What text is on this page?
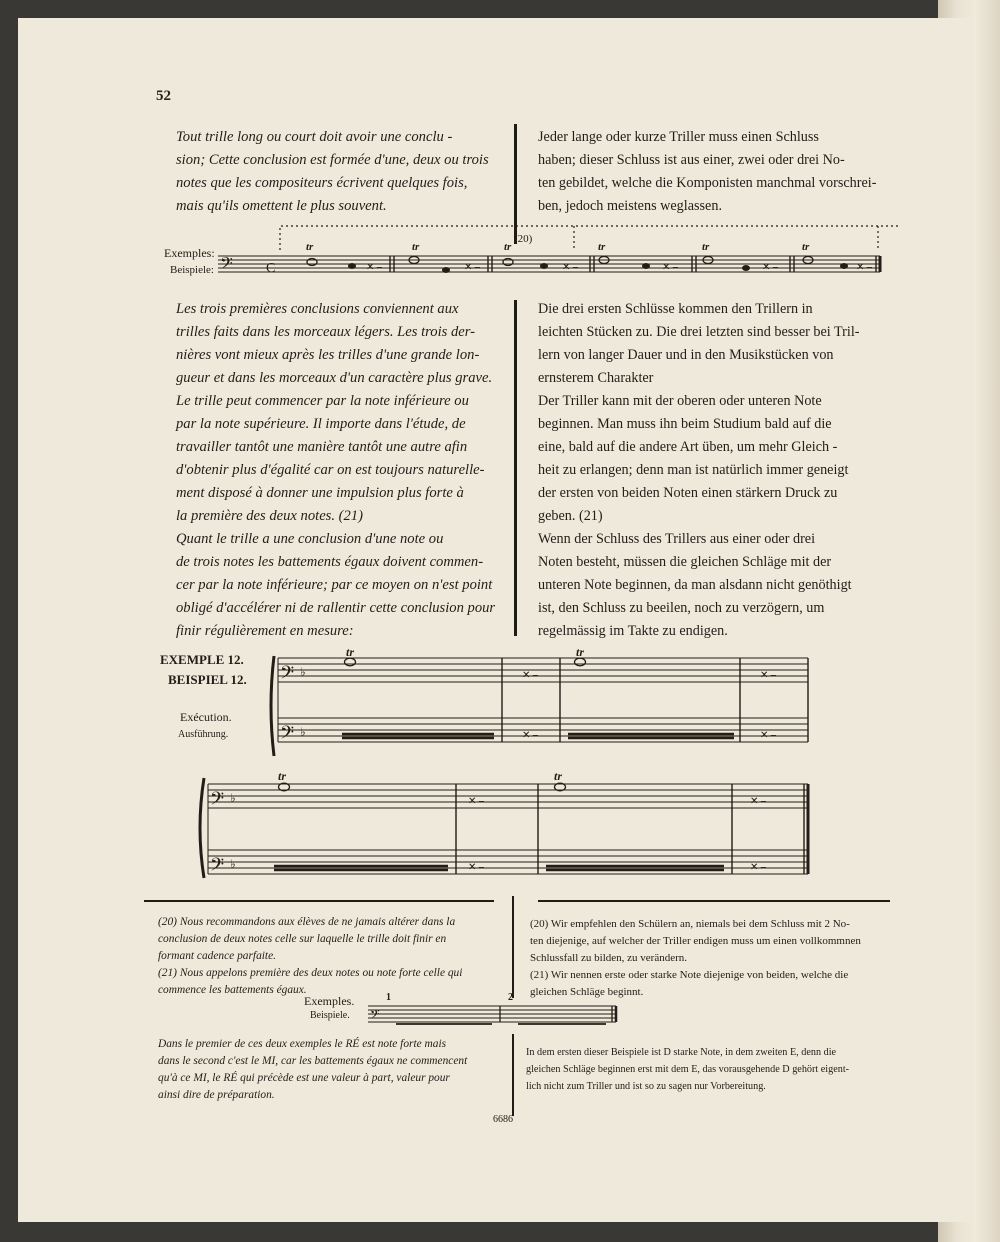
52

Tout trille long ou court doit avoir une conclu -

sion; Cette conclusion est formée d'une, deux ou trois

notes que les compositeurs écrivent quelques fois,

mais qu'ils omettent le plus souvent.

Jeder lange oder kurze Triller muss einen Schluss

haben; dieser Schluss ist aus einer, zwei oder drei No-

ten gebildet, welche die Komponisten manchmal vorschrei-

ben, jedoch meistens weglassen.

Exemples:
Beispiele: 𝄢 C
tr	tr	tr	tr	tr	tr
(20)
✕ –	✕ –	✕ –	✕ –	✕ –	✕ –

Les trois premières conclusions conviennent aux

trilles faits dans les morceaux légers. Les trois der-

nières vont mieux après les trilles d'une grande lon-

gueur et dans les morceaux d'un caractère plus grave.

Le trille peut commencer par la note inférieure ou

par la note supérieure. Il importe dans l'étude, de

travailler tantôt une manière tantôt une autre afin

d'obtenir plus d'égalité car on est toujours naturelle-

ment disposé à donner une impulsion plus forte à

la première des deux notes. (21)

Quant le trille a une conclusion d'une note ou

de trois notes les battements égaux doivent commen-

cer par la note inférieure; par ce moyen on n'est point

obligé d'accélérer ni de rallentir cette conclusion pour

finir régulièrement en mesure:

Die drei ersten Schlüsse kommen den Trillern in

leichten Stücken zu. Die drei letzten sind besser bei Tril-

lern von langer Dauer und in den Musikstücken von

ernsterem Charakter

Der Triller kann mit der oberen oder unteren Note

beginnen. Man muss ihn beim Studium bald auf die

eine, bald auf die andere Art üben, um mehr Gleich -

heit zu erlangen; denn man ist natürlich immer geneigt

der ersten von beiden Noten einen stärkern Druck zu

geben. (21)

Wenn der Schluss des Trillers aus einer oder drei

Noten besteht, müssen die gleichen Schläge mit der

unteren Note beginnen, da man alsdann nicht genöthigt

ist, den Schluss zu beeilen, noch zu verzögern, um

regelmässig im Takte zu endigen.

EXEMPLE 12.
BEISPIEL 12.
Exécution.
Ausführung.
𝄢
𝄢
♭
♭
tr	tr
✕ –	✕ –
✕ –	✕ –
𝄢
𝄢
♭
♭
tr	tr
✕ –	✕ –
✕ –	✕ –

(20) Nous recommandons aux élèves de ne jamais altérer dans la

conclusion de deux notes celle sur laquelle le trille doit finir en

formant cadence parfaite.

(21) Nous appelons première des deux notes ou note forte celle qui

commence les battements égaux.

(20) Wir empfehlen den Schülern an, niemals bei dem Schluss mit 2 No-

ten diejenige, auf welcher der Triller endigen muss um einen vollkommnen

Schlussfall zu bilden, zu verändern.

(21) Wir nennen erste oder starke Note diejenige von beiden, welche die

gleichen Schläge beginnt.

Exemples.
Beispiele.
1	2
𝄢

Dans le premier de ces deux exemples le RÉ est note forte mais

dans le second c'est le MI, car les battements égaux ne commencent

qu'à ce MI, le RÉ qui précède est une valeur à part, valeur pour

ainsi dire de préparation.

In dem ersten dieser Beispiele ist D starke Note, in dem zweiten E, denn die

gleichen Schläge beginnen erst mit dem E, das vorausgehende D gehört eigent-

lich nicht zum Triller und ist so zu sagen nur Vorbereitung.

6686
